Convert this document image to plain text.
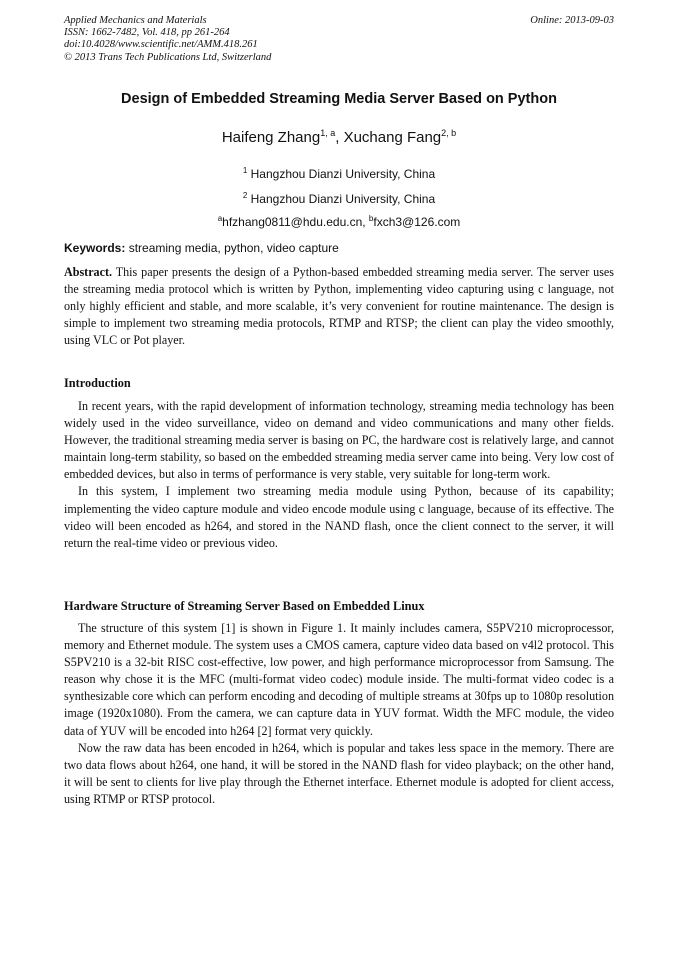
Applied Mechanics and Materials
ISSN: 1662-7482, Vol. 418, pp 261-264
doi:10.4028/www.scientific.net/AMM.418.261
© 2013 Trans Tech Publications Ltd, Switzerland
Online: 2013-09-03
Design of Embedded Streaming Media Server Based on Python
Haifeng Zhang$^{1, a}$, Xuchang Fang$^{2, b}$
$^1$ Hangzhou Dianzi University, China
$^2$ Hangzhou Dianzi University, China
$^a$hfzhang0811@hdu.edu.cn, $^b$fxch3@126.com
Keywords: streaming media, python, video capture

Abstract. This paper presents the design of a Python-based embedded streaming media server. The server uses the streaming media protocol which is written by Python, implementing video capturing using c language, not only highly efficient and stable, and more scalable, it’s very convenient for routine maintenance. The design is simple to implement two streaming media protocols, RTMP and RTSP; the client can play the video smoothly, using VLC or Pot player.

Introduction

In recent years, with the rapid development of information technology, streaming media technology has been widely used in the video surveillance, video on demand and video communications and many other fields. However, the traditional streaming media server is basing on PC, the hardware cost is relatively large, and cannot maintain long-term stability, so based on the embedded streaming media server came into being. Very low cost of embedded devices, but also in terms of performance is very stable, very suitable for long-term work.

In this system, I implement two streaming media module using Python, because of its capability; implementing the video capture module and video encode module using c language, because of its effective. The video will been encoded as h264, and stored in the NAND flash, once the client connect to the server, it will return the real-time video or previous video.

Hardware Structure of Streaming Server Based on Embedded Linux

The structure of this system [1] is shown in Figure 1. It mainly includes camera, S5PV210 microprocessor, memory and Ethernet module. The system uses a CMOS camera, capture video data based on v4l2 protocol. This S5PV210 is a 32-bit RISC cost-effective, low power, and high performance microprocessor from Samsung. The reason why chose it is the MFC (multi-format video codec) module inside. The multi-format video codec is a synthesizable core which can perform encoding and decoding of multiple streams at 30fps up to 1080p resolution image (1920x1080). From the camera, we can capture data in YUV format. Width the MFC module, the video data of YUV will be encoded into h264 [2] format very quickly.

Now the raw data has been encoded in h264, which is popular and takes less space in the memory. There are two data flows about h264, one hand, it will be stored in the NAND flash for video playback; on the other hand, it will be sent to clients for live play through the Ethernet interface. Ethernet module is adopted for client access, using RTMP or RTSP protocol.
